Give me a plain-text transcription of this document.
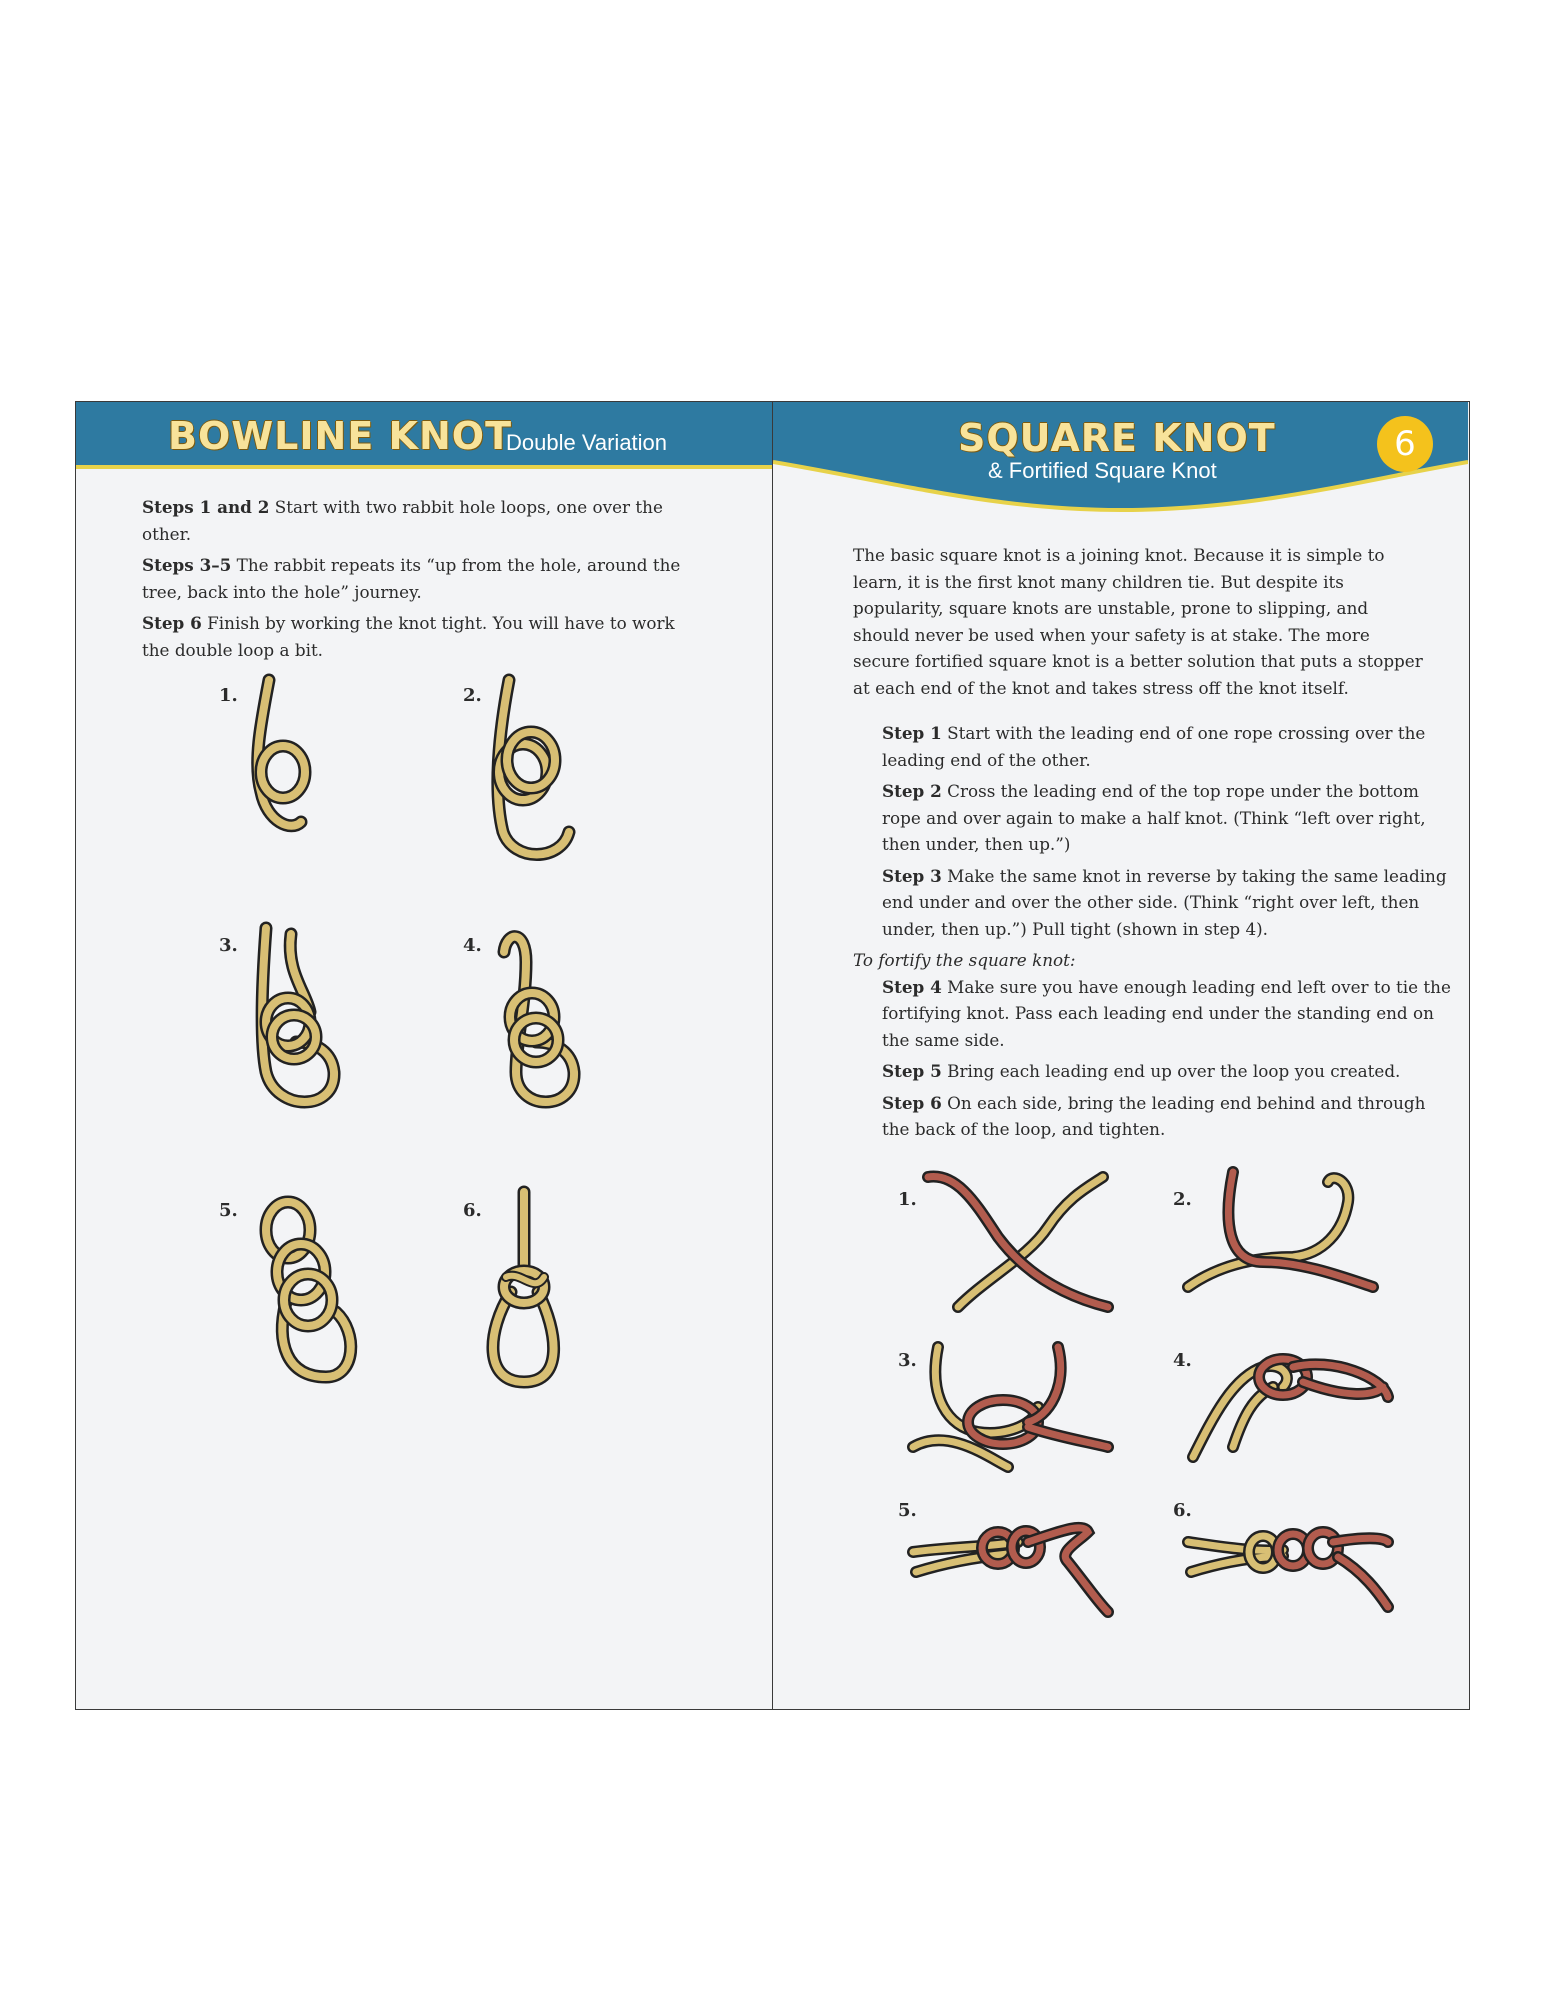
BOWLINE KNOT
Double Variation

Steps 1 and 2 Start with two rabbit hole loops, one over the other.

Steps 3–5 The rabbit repeats its “up from the hole, around the tree, back into the hole” journey.

Step 6 Finish by working the knot tight. You will have to work the double loop a bit.

1.	2.
3.	4.
5.	6.
SQUARE KNOT
& Fortified Square Knot
6

The basic square knot is a joining knot. Because it is simple to learn, it is the first knot many children tie. But despite its popularity, square knots are unstable, prone to slipping, and should never be used when your safety is at stake. The more secure fortified square knot is a better solution that puts a stopper at each end of the knot and takes stress off the knot itself.

Step 1 Start with the leading end of one rope crossing over the leading end of the other.

Step 2 Cross the leading end of the top rope under the bottom rope and over again to make a half knot. (Think “left over right, then under, then up.”)

Step 3 Make the same knot in reverse by taking the same leading end under and over the other side. (Think “right over left, then under, then up.”) Pull tight (shown in step 4).

To fortify the square knot:

Step 4 Make sure you have enough leading end left over to tie the fortifying knot. Pass each leading end under the standing end on the same side.

Step 5 Bring each leading end up over the loop you created.

Step 6 On each side, bring the leading end behind and through the back of the loop, and tighten.

1.	2.
3.	4.
5.	6.
